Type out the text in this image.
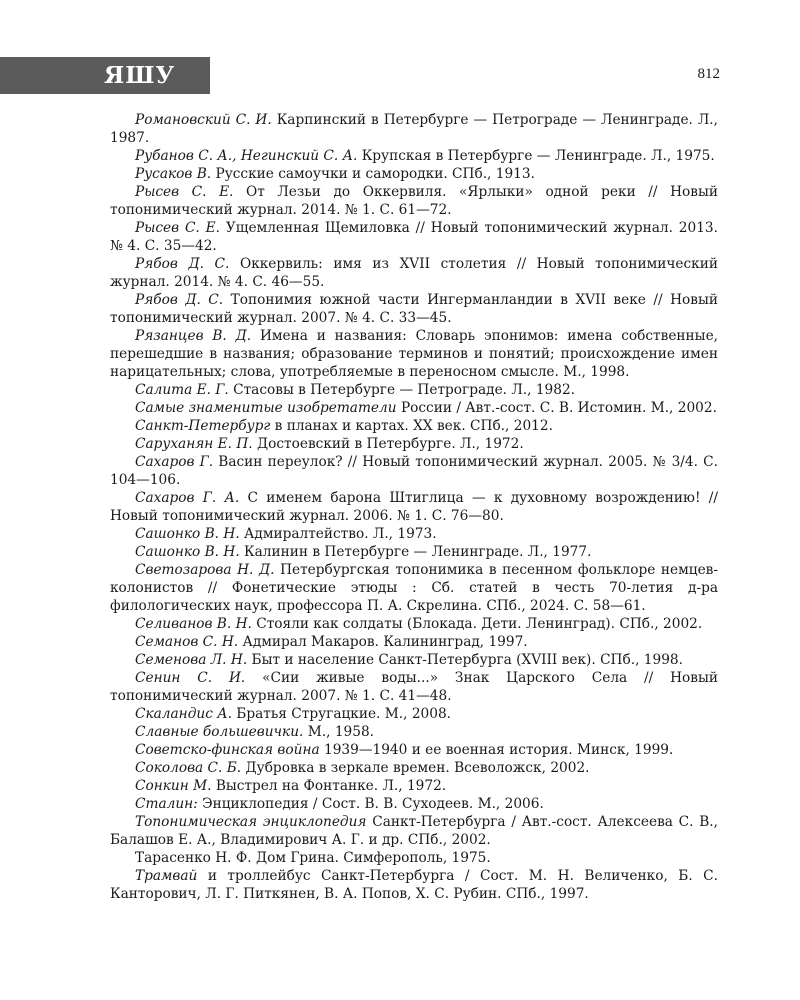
ЯШУ	812

Романовский С. И. Карпинский в Петербурге — Петрограде — Ленинграде. Л., 1987.

Рубанов С. А., Негинский С. А. Крупская в Петербурге — Ленинграде. Л., 1975.

Русаков В. Русские самоучки и самородки. СПб., 1913.

Рысев С. Е. От Лезьи до Оккервиля. «Ярлыки» одной реки // Новый топонимический журнал. 2014. № 1. С. 61—72.

Рысев С. Е. Ущемленная Щемиловка // Новый топонимический журнал. 2013. № 4. С. 35—42.

Рябов Д. С. Оккервиль: имя из XVII столетия // Новый топонимический журнал. 2014. № 4. С. 46—55.

Рябов Д. С. Топонимия южной части Ингерманландии в XVII веке // Новый топонимический журнал. 2007. № 4. С. 33—45.

Рязанцев В. Д. Имена и названия: Словарь эпонимов: имена собственные, перешедшие в названия; образование терминов и понятий; происхождение имен нарицательных; слова, употребляемые в переносном смысле. М., 1998.

Салита Е. Г. Стасовы в Петербурге — Петрограде. Л., 1982.

Самые знаменитые изобретатели России / Авт.-сост. С. В. Истомин. М., 2002.

Санкт-Петербург в планах и картах. XX век. СПб., 2012.

Саруханян Е. П. Достоевский в Петербурге. Л., 1972.

Сахаров Г. Васин переулок? // Новый топонимический журнал. 2005. № 3/4. С. 104—106.

Сахаров Г. А. С именем барона Штиглица — к духовному возрождению! // Новый топонимический журнал. 2006. № 1. С. 76—80.

Сашонко В. Н. Адмиралтейство. Л., 1973.

Сашонко В. Н. Калинин в Петербурге — Ленинграде. Л., 1977.

Светозарова Н. Д. Петербургская топонимика в песенном фольклоре немцев-колонистов // Фонетические этюды : Сб. статей в честь 70-летия д-ра филологических наук, профессора П. А. Скрелина. СПб., 2024. С. 58—61.

Селиванов В. Н. Стояли как солдаты (Блокада. Дети. Ленинград). СПб., 2002.

Семанов С. Н. Адмирал Макаров. Калининград, 1997.

Семенова Л. Н. Быт и население Санкт-Петербурга (XVIII век). СПб., 1998.

Сенин С. И. «Сии живые воды...» Знак Царского Села // Новый топонимический журнал. 2007. № 1. С. 41—48.

Скаландис А. Братья Стругацкие. М., 2008.

Славные большевички. М., 1958.

Советско-финская война 1939—1940 и ее военная история. Минск, 1999.

Соколова С. Б. Дубровка в зеркале времен. Всеволожск, 2002.

Сонкин М. Выстрел на Фонтанке. Л., 1972.

Сталин: Энциклопедия / Сост. В. В. Суходеев. М., 2006.

Топонимическая энциклопедия Санкт-Петербурга / Авт.-сост. Алексеева С. В., Балашов Е. А., Владимирович А. Г. и др. СПб., 2002.

Тарасенко Н. Ф. Дом Грина. Симферополь, 1975.

Трамвай и троллейбус Санкт-Петербурга / Сост. М. Н. Величенко, Б. С. Канторович, Л. Г. Питкянен, В. А. Попов, Х. С. Рубин. СПб., 1997.
